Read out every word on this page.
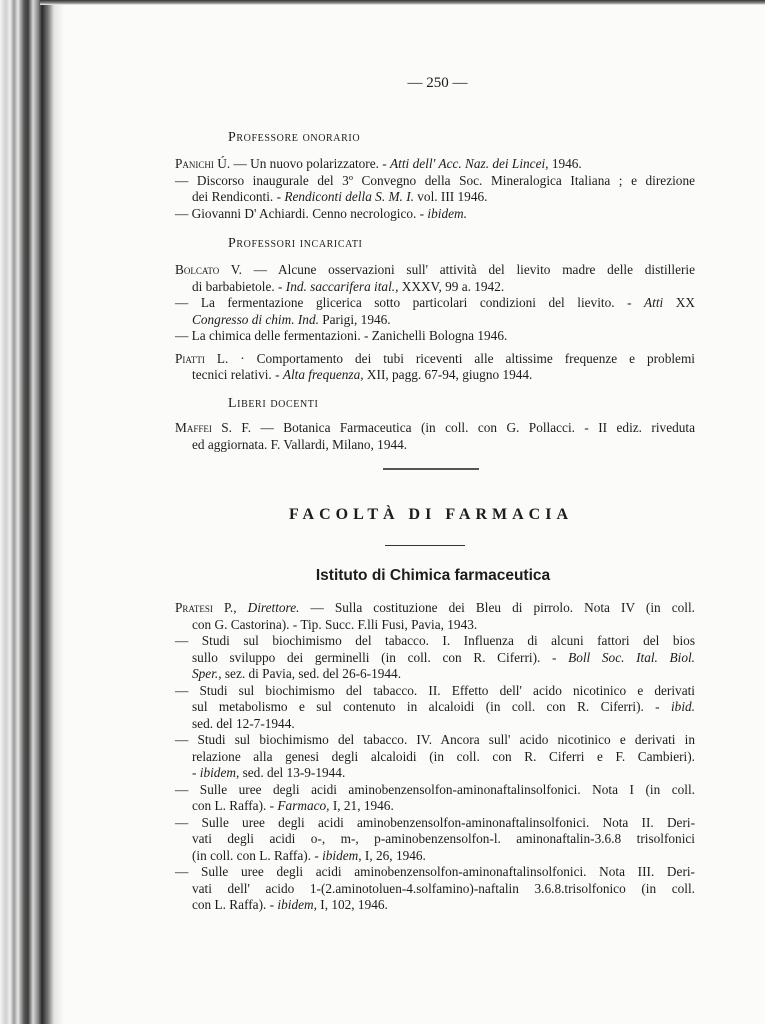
— 250 —
Professore onorario
Panichi Ú. — Un nuovo polarizzatore. - Atti dell' Acc. Naz. dei Lincei, 1946.
— Discorso inaugurale del 3º Convegno della Soc. Mineralogica Italiana ; e direzione
dei Rendiconti. - Rendiconti della S. M. I. vol. III 1946.
— Giovanni D' Achiardi. Cenno necrologico. - ibidem.
Professori incaricati
Bolcato V. — Alcune osservazioni sull' attività del lievito madre delle distillerie
di barbabietole. - Ind. saccarifera ital., XXXV, 99 a. 1942.
— La fermentazione glicerica sotto particolari condizioni del lievito. - Atti XX
Congresso di chim. Ind. Parigi, 1946.
— La chimica delle fermentazioni. - Zanichelli Bologna 1946.
Piatti L. · Comportamento dei tubi riceventi alle altissime frequenze e problemi
tecnici relativi. - Alta frequenza, XII, pagg. 67-94, giugno 1944.
Liberi docenti
Maffei S. F. — Botanica Farmaceutica (in coll. con G. Pollacci. - II ediz. riveduta
ed aggiornata. F. Vallardi, Milano, 1944.
FACOLTÀ DI FARMACIA
Istituto di Chimica farmaceutica
Pratesi P., Direttore. — Sulla costituzione dei Bleu di pirrolo. Nota IV (in coll.
con G. Castorina). - Tip. Succ. F.lli Fusi, Pavia, 1943.
— Studi sul biochimismo del tabacco. I. Influenza di alcuni fattori del bios
sullo sviluppo dei germinelli (in coll. con R. Ciferri). - Boll Soc. Ital. Biol.
Sper., sez. di Pavia, sed. del 26-6-1944.
— Studi sul biochimismo del tabacco. II. Effetto dell' acido nicotinico e derivati
sul metabolismo e sul contenuto in alcaloidi (in coll. con R. Ciferri). - ibid.
sed. del 12-7-1944.
— Studi sul biochimismo del tabacco. IV. Ancora sull' acido nicotinico e derivati in
relazione alla genesi degli alcaloidi (in coll. con R. Ciferri e F. Cambieri).
- ibidem, sed. del 13-9-1944.
— Sulle uree degli acidi aminobenzensolfon-aminonaftalinsolfonici. Nota I (in coll.
con L. Raffa). - Farmaco, I, 21, 1946.
— Sulle uree degli acidi aminobenzensolfon-aminonaftalinsolfonici. Nota II. Deri-
vati degli acidi o-, m-, p-aminobenzensolfon-l. aminonaftalin-3.6.8 trisolfonici
(in coll. con L. Raffa). - ibidem, I, 26, 1946.
— Sulle uree degli acidi aminobenzensolfon-aminonaftalinsolfonici. Nota III. Deri-
vati dell' acido 1-(2.aminotoluen-4.solfamino)-naftalin 3.6.8.trisolfonico (in coll.
con L. Raffa). - ibidem, I, 102, 1946.
